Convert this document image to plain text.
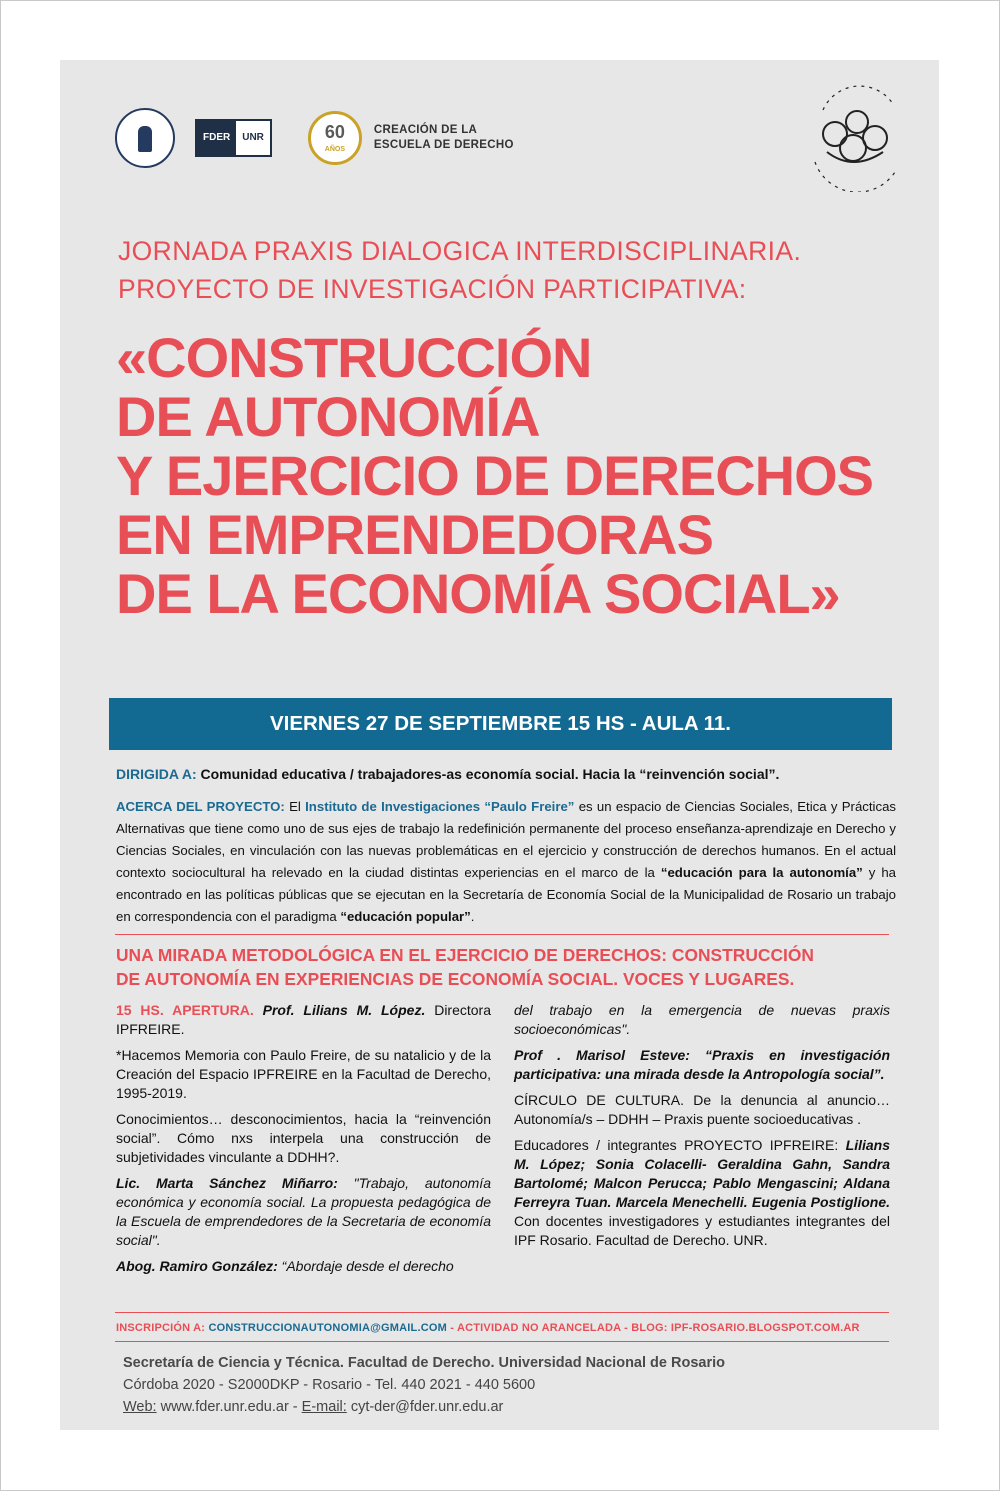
FDER	UNR	60
AÑOS
CREACIÓN DE LA
ESCUELA DE DERECHO
JORNADA PRAXIS DIALOGICA INTERDISCIPLINARIA.
PROYECTO DE INVESTIGACIÓN PARTICIPATIVA:
«CONSTRUCCIÓN
DE AUTONOMÍA
Y EJERCICIO DE DERECHOS
EN EMPRENDEDORAS
DE LA ECONOMÍA SOCIAL»
VIERNES 27 DE SEPTIEMBRE 15 HS - AULA 11.
DIRIGIDA A: Comunidad educativa / trabajadores-as economía social. Hacia la “reinvención social”.
ACERCA DEL PROYECTO: El Instituto de Investigaciones “Paulo Freire” es un espacio de Ciencias Sociales, Etica y Prácticas Alternativas que tiene como uno de sus ejes de trabajo la redefinición permanente del proceso enseñanza-aprendizaje en Derecho y Ciencias Sociales, en vinculación con las nuevas problemáticas en el ejercicio y construcción de derechos humanos. En el actual contexto sociocultural ha relevado en la ciudad distintas experiencias en el marco de la “educación para la autonomía” y ha encontrado en las políticas públicas que se ejecutan en la Secretaría de Economía Social de la Municipalidad de Rosario un trabajo en correspondencia con el paradigma “educación popular”.
UNA MIRADA METODOLÓGICA EN EL EJERCICIO DE DERECHOS: CONSTRUCCIÓN
DE AUTONOMÍA EN EXPERIENCIAS DE ECONOMÍA SOCIAL. VOCES Y LUGARES.

15 HS. APERTURA. Prof. Lilians M. López. Directora IPFREIRE.

*Hacemos Memoria con Paulo Freire, de su natalicio y de la Creación del Espacio IPFREIRE en la Facultad de Derecho, 1995-2019.

Conocimientos… desconocimientos, hacia la “reinvención social”. Cómo nxs interpela una construcción de subjetividades vinculante a DDHH?.

Lic. Marta Sánchez Miñarro: "Trabajo, autonomía económica y economía social. La propuesta pedagógica de la Escuela de emprendedores de la Secretaria de economía social".

Abog. Ramiro González: “Abordaje desde el derecho

del trabajo en la emergencia de nuevas praxis socioeconómicas".

Prof . Marisol Esteve: “Praxis en investigación participativa: una mirada desde la Antropología social”.

CÍRCULO DE CULTURA. De la denuncia al anuncio… Autonomía/s – DDHH – Praxis puente socioeducativas .

Educadores / integrantes PROYECTO IPFREIRE: Lilians M. López; Sonia Colacelli- Geraldina Gahn, Sandra Bartolomé; Malcon Perucca; Pablo Mengascini; Aldana Ferreyra Tuan. Marcela Menechelli. Eugenia Postiglione. Con docentes investigadores y estudiantes integrantes del IPF Rosario. Facultad de Derecho. UNR.

INSCRIPCIÓN A: CONSTRUCCIONAUTONOMIA@GMAIL.COM - ACTIVIDAD NO ARANCELADA - BLOG: IPF-ROSARIO.BLOGSPOT.COM.AR
Secretaría de Ciencia y Técnica. Facultad de Derecho. Universidad Nacional de Rosario
Córdoba 2020 - S2000DKP - Rosario - Tel. 440 2021 - 440 5600
Web: www.fder.unr.edu.ar - E-mail: cyt-der@fder.unr.edu.ar
